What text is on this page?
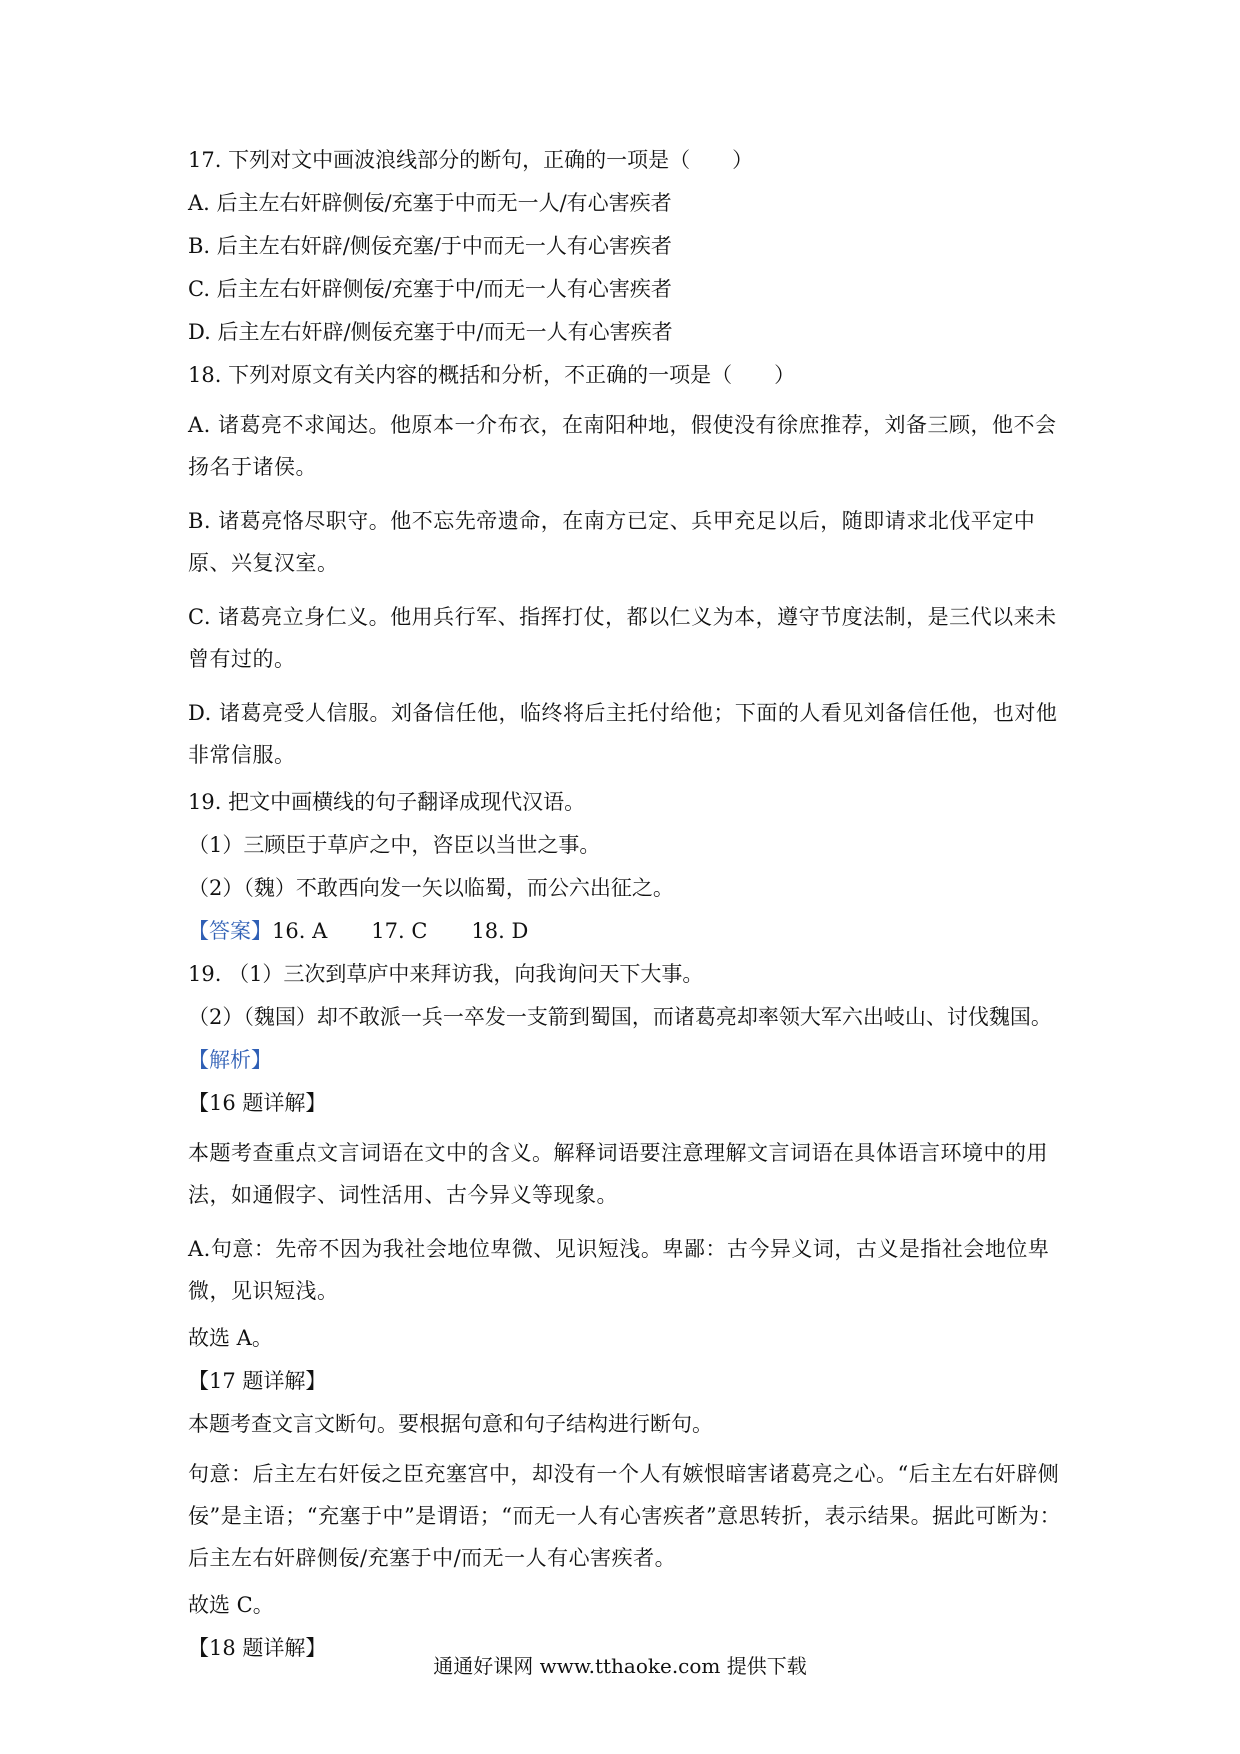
17. 下列对文中画波浪线部分的断句，正确的一项是（　　）

A. 后主左右奸辟侧佞/充塞于中而无一人/有心害疾者

B. 后主左右奸辟/侧佞充塞/于中而无一人有心害疾者

C. 后主左右奸辟侧佞/充塞于中/而无一人有心害疾者

D. 后主左右奸辟/侧佞充塞于中/而无一人有心害疾者

18. 下列对原文有关内容的概括和分析，不正确的一项是（　　）

A. 诸葛亮不求闻达。他原本一介布衣，在南阳种地，假使没有徐庶推荐，刘备三顾，他不会扬名于诸侯。

B. 诸葛亮恪尽职守。他不忘先帝遗命，在南方已定、兵甲充足以后，随即请求北伐平定中原、兴复汉室。

C. 诸葛亮立身仁义。他用兵行军、指挥打仗，都以仁义为本，遵守节度法制，是三代以来未曾有过的。

D. 诸葛亮受人信服。刘备信任他，临终将后主托付给他；下面的人看见刘备信任他，也对他非常信服。

19. 把文中画横线的句子翻译成现代汉语。

（1）三顾臣于草庐之中，咨臣以当世之事。

（2）（魏）不敢西向发一矢以临蜀，而公六出征之。

【答案】16. A 17. C 18. D

19. （1）三次到草庐中来拜访我，向我询问天下大事。

（2）（魏国）却不敢派一兵一卒发一支箭到蜀国，而诸葛亮却率领大军六出岐山、讨伐魏国。

【解析】

【16 题详解】

本题考查重点文言词语在文中的含义。解释词语要注意理解文言词语在具体语言环境中的用法，如通假字、词性活用、古今异义等现象。

A.句意：先帝不因为我社会地位卑微、见识短浅。卑鄙：古今异义词，古义是指社会地位卑微，见识短浅。

故选 A。

【17 题详解】

本题考查文言文断句。要根据句意和句子结构进行断句。

句意：后主左右奸佞之臣充塞宫中，却没有一个人有嫉恨暗害诸葛亮之心。“后主左右奸辟侧佞”是主语；“充塞于中”是谓语；“而无一人有心害疾者”意思转折，表示结果。据此可断为：后主左右奸辟侧佞/充塞于中/而无一人有心害疾者。

故选 C。

【18 题详解】

通通好课网 www.tthaoke.com 提供下载
